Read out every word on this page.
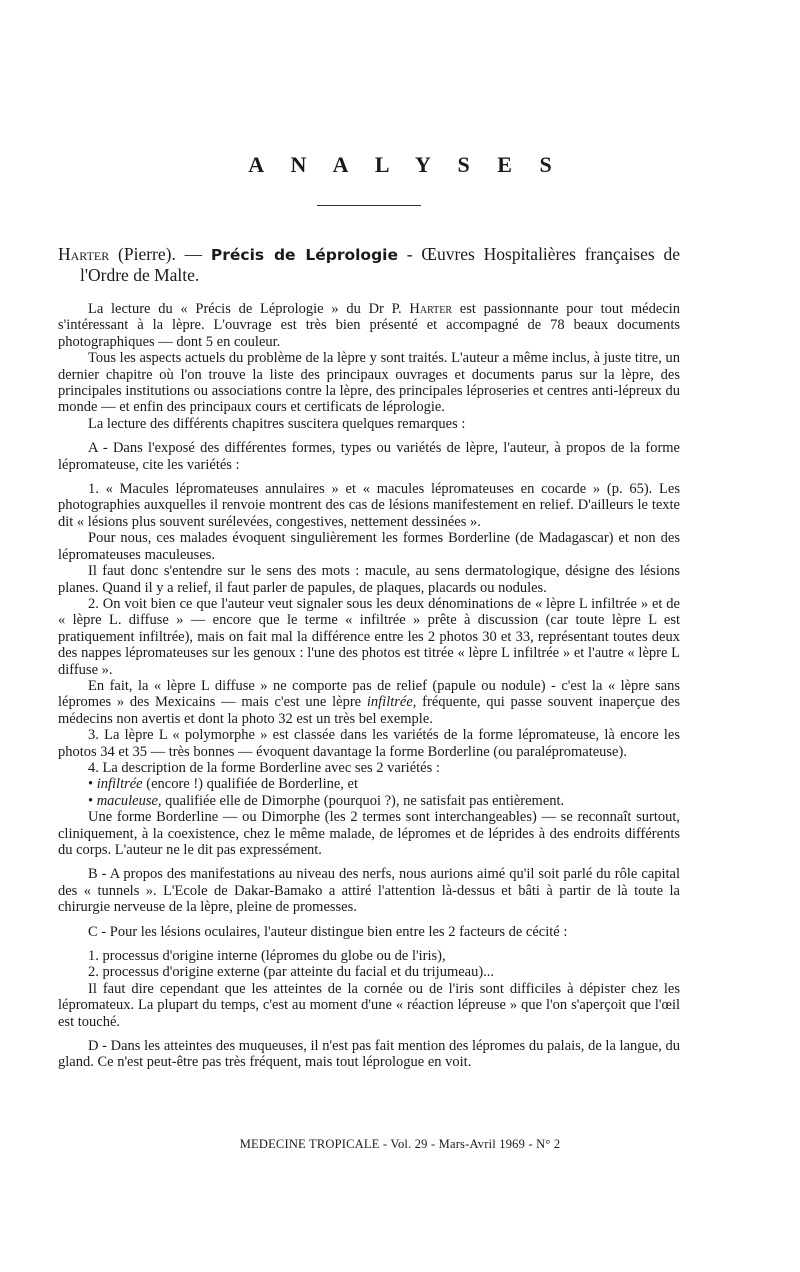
A N A L Y S E S
Harter (Pierre). — Précis de Léprologie - Œuvres Hospitalières françaises de l'Ordre de Malte.

La lecture du « Précis de Léprologie » du Dr P. Harter est passionnante pour tout médecin s'intéressant à la lèpre. L'ouvrage est très bien présenté et accompagné de 78 beaux documents photographiques — dont 5 en couleur.

Tous les aspects actuels du problème de la lèpre y sont traités. L'auteur a même inclus, à juste titre, un dernier chapitre où l'on trouve la liste des principaux ouvrages et documents parus sur la lèpre, des principales institutions ou associations contre la lèpre, des principales léproseries et centres anti-lépreux du monde — et enfin des principaux cours et certificats de léprologie.

La lecture des différents chapitres suscitera quelques remarques :

A - Dans l'exposé des différentes formes, types ou variétés de lèpre, l'auteur, à propos de la forme lépromateuse, cite les variétés :

1. « Macules lépromateuses annulaires » et « macules lépromateuses en cocarde » (p. 65). Les photographies auxquelles il renvoie montrent des cas de lésions manifestement en relief. D'ailleurs le texte dit « lésions plus souvent surélevées, congestives, nettement dessinées ».

Pour nous, ces malades évoquent singulièrement les formes Borderline (de Madagascar) et non des lépromateuses maculeuses.

Il faut donc s'entendre sur le sens des mots : macule, au sens dermatologique, désigne des lésions planes. Quand il y a relief, il faut parler de papules, de plaques, placards ou nodules.

2. On voit bien ce que l'auteur veut signaler sous les deux dénominations de « lèpre L infiltrée » et de « lèpre L. diffuse » — encore que le terme « infiltrée » prête à discussion (car toute lèpre L est pratiquement infiltrée), mais on fait mal la différence entre les 2 photos 30 et 33, représentant toutes deux des nappes lépromateuses sur les genoux : l'une des photos est titrée « lèpre L infiltrée » et l'autre « lèpre L diffuse ».

En fait, la « lèpre L diffuse » ne comporte pas de relief (papule ou nodule) - c'est la « lèpre sans lépromes » des Mexicains — mais c'est une lèpre infiltrée, fréquente, qui passe souvent inaperçue des médecins non avertis et dont la photo 32 est un très bel exemple.

3. La lèpre L « polymorphe » est classée dans les variétés de la forme lépromateuse, là encore les photos 34 et 35 — très bonnes — évoquent davantage la forme Borderline (ou paralépromateuse).

4. La description de la forme Borderline avec ses 2 variétés :

• infiltrée (encore !) qualifiée de Borderline, et

• maculeuse, qualifiée elle de Dimorphe (pourquoi ?), ne satisfait pas entièrement.

Une forme Borderline — ou Dimorphe (les 2 termes sont interchangeables) — se reconnaît surtout, cliniquement, à la coexistence, chez le même malade, de lépromes et de léprides à des endroits différents du corps. L'auteur ne le dit pas expressément.

B - A propos des manifestations au niveau des nerfs, nous aurions aimé qu'il soit parlé du rôle capital des « tunnels ». L'Ecole de Dakar-Bamako a attiré l'attention là-dessus et bâti à partir de là toute la chirurgie nerveuse de la lèpre, pleine de promesses.

C - Pour les lésions oculaires, l'auteur distingue bien entre les 2 facteurs de cécité :

1. processus d'origine interne (lépromes du globe ou de l'iris),

2. processus d'origine externe (par atteinte du facial et du trijumeau)...

Il faut dire cependant que les atteintes de la cornée ou de l'iris sont difficiles à dépister chez les lépromateux. La plupart du temps, c'est au moment d'une « réaction lépreuse » que l'on s'aperçoit que l'œil est touché.

D - Dans les atteintes des muqueuses, il n'est pas fait mention des lépromes du palais, de la langue, du gland. Ce n'est peut-être pas très fréquent, mais tout léprologue en voit.

MEDECINE TROPICALE - Vol. 29 - Mars-Avril 1969 - N° 2
